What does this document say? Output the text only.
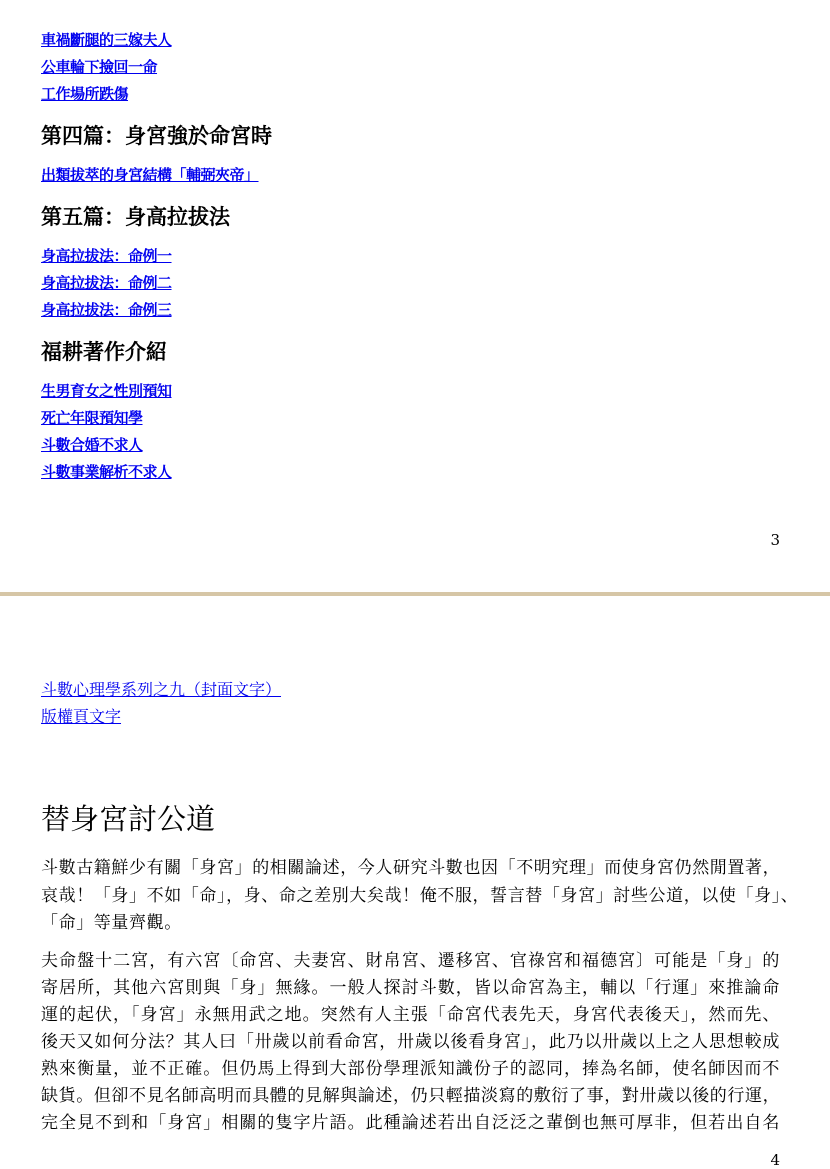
車禍斷腿的三嫁夫人
公車輪下撿回一命
工作場所跌傷
第四篇：身宮強於命宮時
出類拔萃的身宮結構「輔弼夾帝」
第五篇：身高拉拔法
身高拉拔法：命例一
身高拉拔法：命例二
身高拉拔法：命例三
福耕著作介紹
生男育女之性別預知
死亡年限預知學
斗數合婚不求人
斗數事業解析不求人
3
斗數心理學系列之九（封面文字）
版權頁文字
替身宮討公道
斗數古籍鮮少有關「身宮」的相關論述，今人研究斗數也因「不明究理」而使身宮仍然閒置著，
哀哉！「身」不如「命」，身、命之差別大矣哉！俺不服，誓言替「身宮」討些公道，以使「身」、
「命」等量齊觀。
夫命盤十二宮，有六宮〔命宮、夫妻宮、財帛宮、遷移宮、官祿宮和福德宮〕可能是「身」的
寄居所，其他六宮則與「身」無緣。一般人探討斗數，皆以命宮為主，輔以「行運」來推論命
運的起伏，「身宮」永無用武之地。突然有人主張「命宮代表先天，身宮代表後天」，然而先、
後天又如何分法？其人曰「卅歲以前看命宮，卅歲以後看身宮」，此乃以卅歲以上之人思想較成
熟來衡量，並不正確。但仍馬上得到大部份學理派知識份子的認同，捧為名師，使名師因而不
缺貨。但卻不見名師高明而具體的見解與論述，仍只輕描淡寫的敷衍了事，對卅歲以後的行運，
完全見不到和「身宮」相關的隻字片語。此種論述若出自泛泛之輩倒也無可厚非，但若出自名
4
